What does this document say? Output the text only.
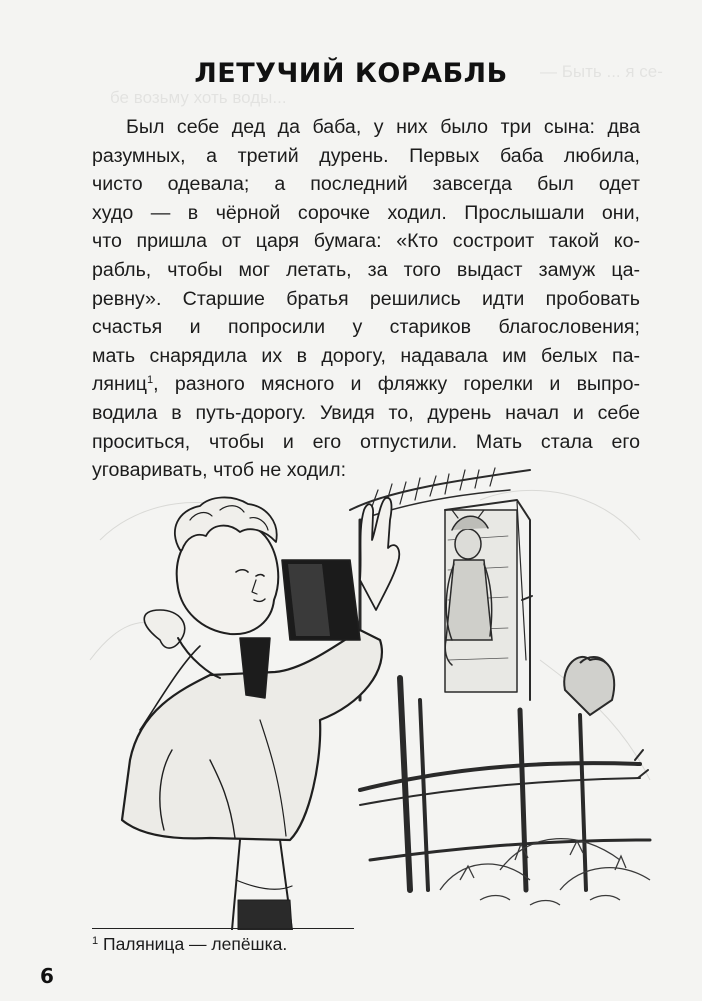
— Быть ... я се-
бе возьму хоть воды...
ЛЕТУЧИЙ КОРАБЛЬ
Был себе дед да баба, у них было три сына: два
разумных, а третий дурень. Первых баба любила,
чисто одевала; а последний завсегда был одет
худо — в чёрной сорочке ходил. Прослышали они,
что пришла от царя бумага: «Кто состроит такой ко-
рабль, чтобы мог летать, за того выдаст замуж ца-
ревну». Старшие братья решились идти пробовать
счастья и попросили у стариков благословения;
мать снарядила их в дорогу, надавала им белых па-
ляниц$^1$, разного мясного и фляжку горелки и выпро-
водила в путь-дорогу. Увидя то, дурень начал и себе
проситься, чтобы и его отпустили. Мать стала его
уговаривать, чтоб не ходил:
$^1$ Паляница — лепёшка.
6
